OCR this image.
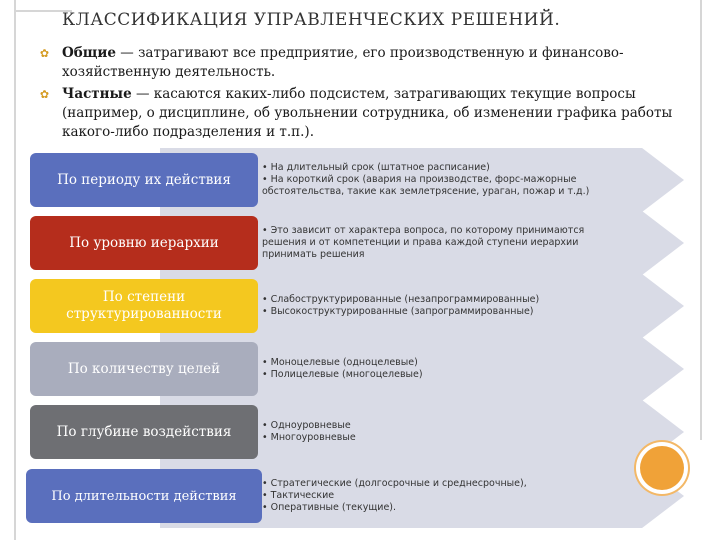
КЛАССИФИКАЦИЯ УПРАВЛЕНЧЕСКИХ РЕШЕНИЙ.
✿ Общие — затрагивают все предприятие, его производственную и финансово-хозяйственную деятельность.
✿ Частные — касаются каких-либо подсистем, затрагивающих текущие вопросы (например, о дисциплине, об увольнении сотрудника, об изменении графика работы какого-либо подразделения и т.п.).
По периоду их действия
• На длительный срок (штатное расписание)
• На короткий срок (авария на производстве, форс-мажорные
обстоятельства, такие как землетрясение, ураган, пожар и т.д.)
По уровню иерархии
• Это зависит от характера вопроса, по которому принимаются
решения и от компетенции и права каждой ступени иерархии
принимать решения
По степени структурированности
• Слабоструктурированные (незапрограммированные)
• Высокоструктурированные (запрограммированные)
По количеству целей	• Моноцелевые (одноцелевые)
• Полицелевые (многоцелевые)
По глубине воздействия	• Одноуровневые
• Многоуровневые
По длительности действия
• Стратегические (долгосрочные и среднесрочные),
• Тактические
• Оперативные (текущие).
